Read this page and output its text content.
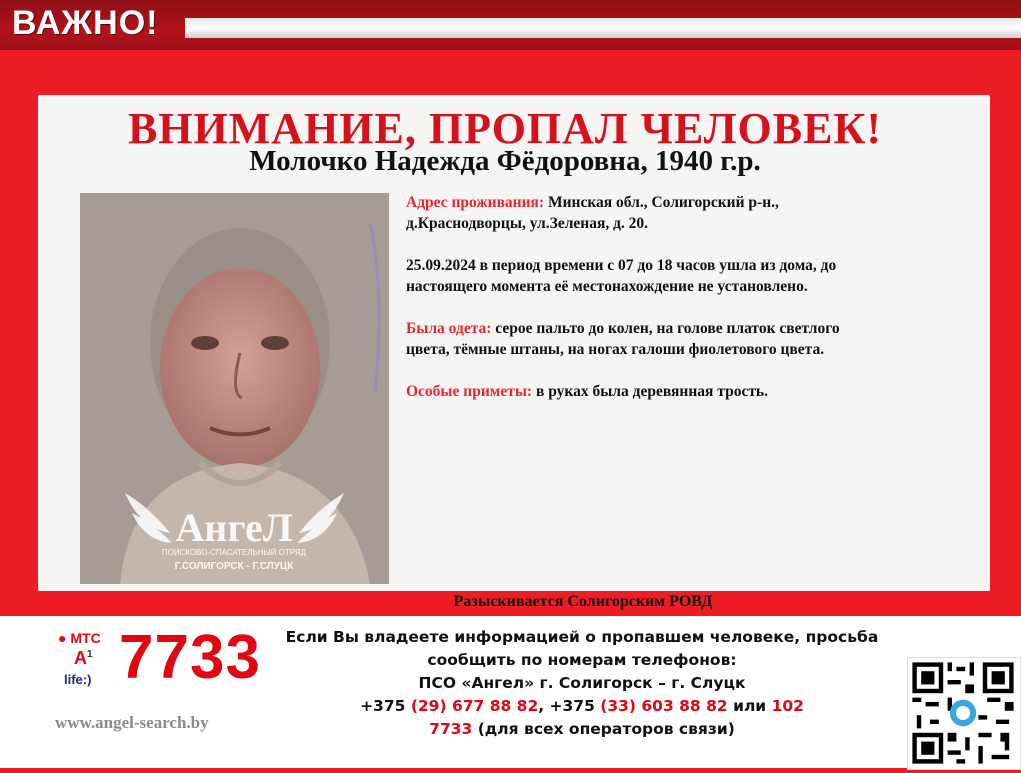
ВАЖНО!
ВНИМАНИЕ, ПРОПАЛ ЧЕЛОВЕК!
Молочко Надежда Фёдоровна, 1940 г.р.
АнгеЛ
ПОИСКОВО-СПАСАТЕЛЬНЫЙ ОТРЯД
Г.СОЛИГОРСК - Г.СЛУЦК

Адрес проживания: Минская обл., Солигорский р-н.,
д.Краснодворцы, ул.Зеленая, д. 20.

25.09.2024 в период времени с 07 до 18 часов ушла из дома, до
настоящего момента её местонахождение не установлено.

Была одета: серое пальто до колен, на голове платок светлого
цвета, тёмные штаны, на ногах галоши фиолетового цвета.

Особые приметы: в руках была деревянная трость.

Разыскивается Солигорским РОВД
● МТС
$A^1$
life:) 7733
www.angel-search.by
Если Вы владеете информацией о пропавшем человеке, просьба
сообщить по номерам телефонов:
ПСО «Ангел» г. Солигорск – г. Слуцк
+375 (29) 677 88 82, +375 (33) 603 88 82 или 102
7733 (для всех операторов связи)
